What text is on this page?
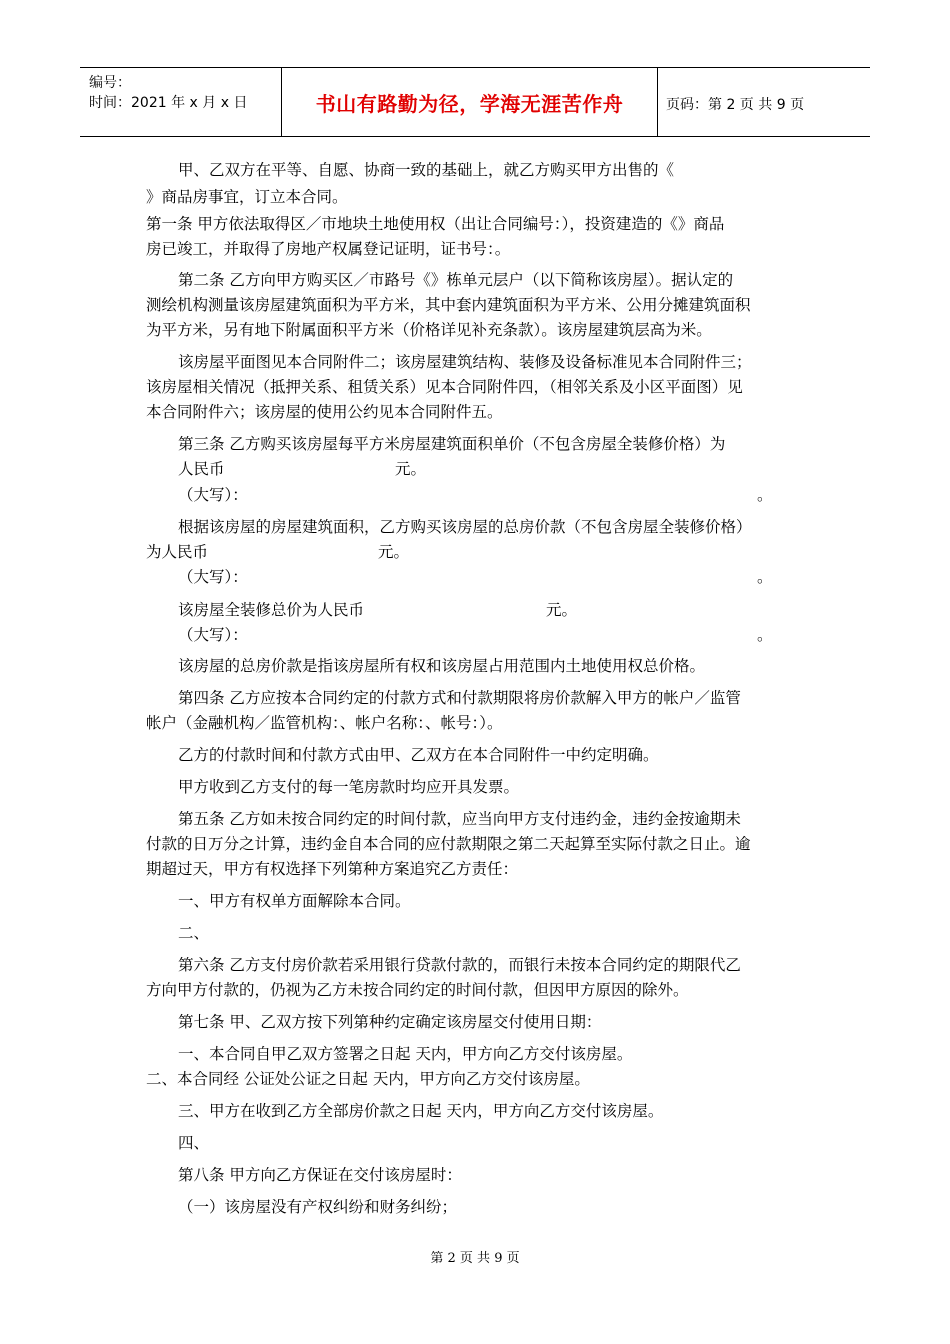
编号：
时间：2021 年 x 月 x 日	书山有路勤为径，学海无涯苦作舟	页码：第 2 页 共 9 页
甲、乙双方在平等、自愿、协商一致的基础上，就乙方购买甲方出售的《
》商品房事宜，订立本合同。
第一条 甲方依法取得区／市地块土地使用权（出让合同编号：），投资建造的《》商品
房已竣工，并取得了房地产权属登记证明，证书号：。
第二条 乙方向甲方购买区／市路号《》栋单元层户（以下简称该房屋）。据认定的
测绘机构测量该房屋建筑面积为平方米，其中套内建筑面积为平方米、公用分摊建筑面积
为平方米，另有地下附属面积平方米（价格详见补充条款）。该房屋建筑层高为米。
该房屋平面图见本合同附件二；该房屋建筑结构、装修及设备标准见本合同附件三；
该房屋相关情况（抵押关系、租赁关系）见本合同附件四，（相邻关系及小区平面图）见
本合同附件六；该房屋的使用公约见本合同附件五。
第三条 乙方购买该房屋每平方米房屋建筑面积单价（不包含房屋全装修价格）为
人民币	元。
（大写）：	。
根据该房屋的房屋建筑面积，乙方购买该房屋的总房价款（不包含房屋全装修价格）
为人民币	元。
（大写）：	。
该房屋全装修总价为人民币	元。
（大写）：	。
该房屋的总房价款是指该房屋所有权和该房屋占用范围内土地使用权总价格。
第四条 乙方应按本合同约定的付款方式和付款期限将房价款解入甲方的帐户／监管
帐户（金融机构／监管机构：、帐户名称：、帐号：）。
乙方的付款时间和付款方式由甲、乙双方在本合同附件一中约定明确。
甲方收到乙方支付的每一笔房款时均应开具发票。
第五条 乙方如未按合同约定的时间付款，应当向甲方支付违约金，违约金按逾期未
付款的日万分之计算，违约金自本合同的应付款期限之第二天起算至实际付款之日止。逾
期超过天，甲方有权选择下列第种方案追究乙方责任：
一、甲方有权单方面解除本合同。
二、
第六条 乙方支付房价款若采用银行贷款付款的，而银行未按本合同约定的期限代乙
方向甲方付款的，仍视为乙方未按合同约定的时间付款，但因甲方原因的除外。
第七条 甲、乙双方按下列第种约定确定该房屋交付使用日期：
一、本合同自甲乙双方签署之日起 天内，甲方向乙方交付该房屋。
二、本合同经 公证处公证之日起 天内，甲方向乙方交付该房屋。
三、甲方在收到乙方全部房价款之日起 天内，甲方向乙方交付该房屋。
四、
第八条 甲方向乙方保证在交付该房屋时：
（一）该房屋没有产权纠纷和财务纠纷；
第 2 页 共 9 页
